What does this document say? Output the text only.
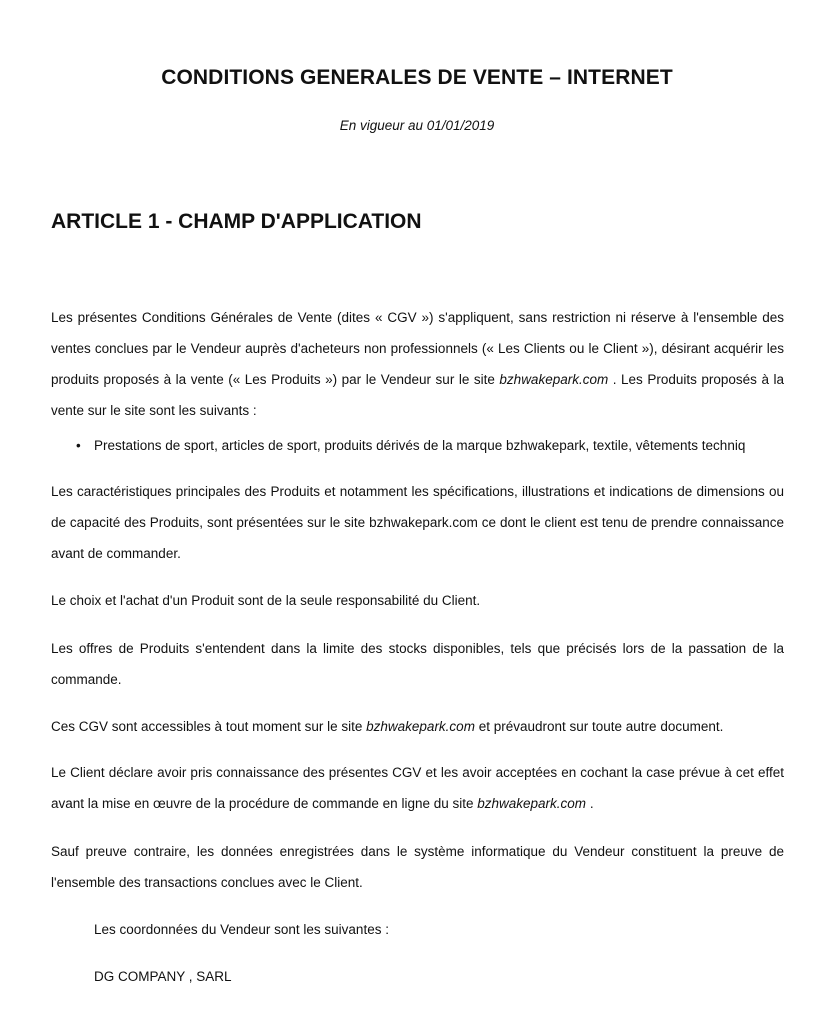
CONDITIONS GENERALES DE VENTE – INTERNET
En vigueur au 01/01/2019
ARTICLE 1 - CHAMP D'APPLICATION

Les présentes Conditions Générales de Vente (dites « CGV ») s'appliquent, sans restriction ni réserve à l'ensemble des ventes conclues par le Vendeur auprès d'acheteurs non professionnels (« Les Clients ou le Client »), désirant acquérir les produits proposés à la vente (« Les Produits ») par le Vendeur sur le site bzhwakepark.com . Les Produits proposés à la vente sur le site sont les suivants :

• Prestations de sport, articles de sport, produits dérivés de la marque bzhwakepark, textile, vêtements techniq

Les caractéristiques principales des Produits et notamment les spécifications, illustrations et indications de dimensions ou de capacité des Produits, sont présentées sur le site bzhwakepark.com ce dont le client est tenu de prendre connaissance avant de commander.

Le choix et l'achat d'un Produit sont de la seule responsabilité du Client.

Les offres de Produits s'entendent dans la limite des stocks disponibles, tels que précisés lors de la passation de la commande.

Ces CGV sont accessibles à tout moment sur le site bzhwakepark.com et prévaudront sur toute autre document.

Le Client déclare avoir pris connaissance des présentes CGV et les avoir acceptées en cochant la case prévue à cet effet avant la mise en œuvre de la procédure de commande en ligne du site bzhwakepark.com .

Sauf preuve contraire, les données enregistrées dans le système informatique du Vendeur constituent la preuve de l'ensemble des transactions conclues avec le Client.

Les coordonnées du Vendeur sont les suivantes :
DG COMPANY , SARL
